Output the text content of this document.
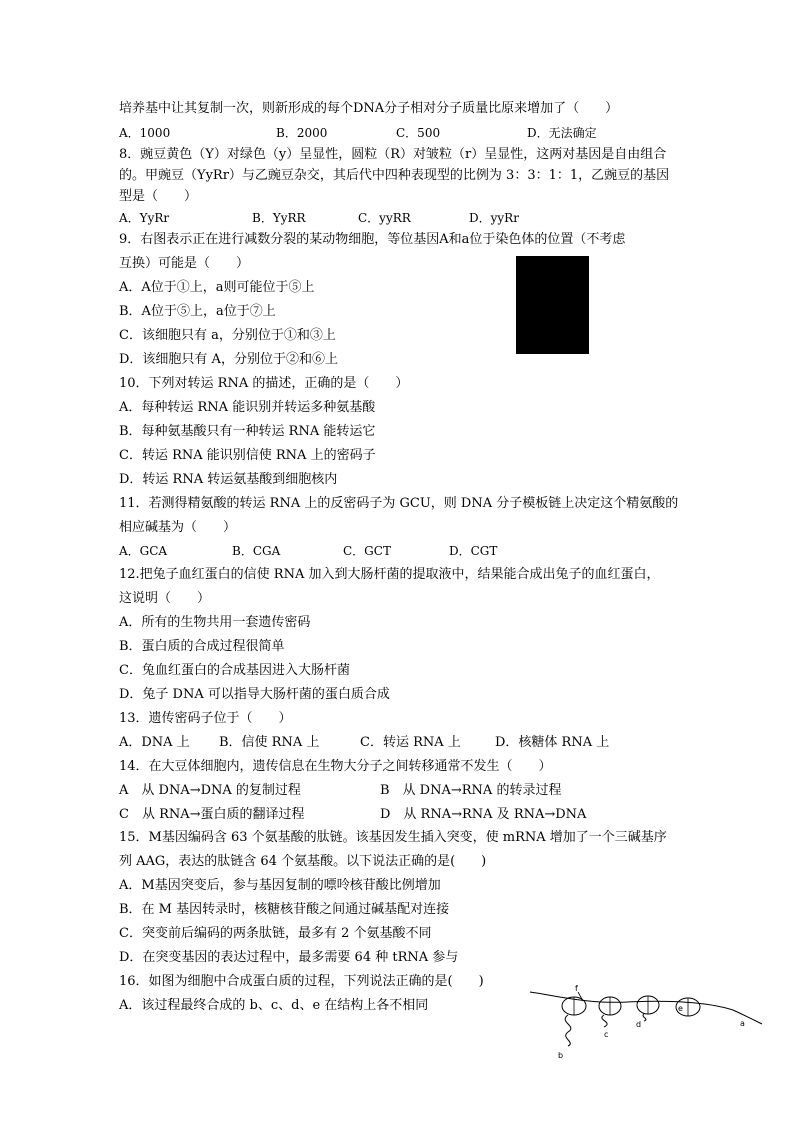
培养基中让其复制一次，则新形成的每个DNA分子相对分子质量比原来增加了（　　）
A．1000	B．2000	C．500	D．无法确定
8．豌豆黄色（Y）对绿色（y）呈显性，圆粒（R）对皱粒（r）呈显性，这两对基因是自由组合
的。甲豌豆（YyRr）与乙豌豆杂交，其后代中四种表现型的比例为 3：3：1：1，乙豌豆的基因
型是（　　）
A．YyRr	B．YyRR	C．yyRR	D．yyRr
9．右图表示正在进行减数分裂的某动物细胞，等位基因A和a位于染色体的位置（不考虑
互换）可能是（　　）
A．A位于①上，a则可能位于⑤上
B．A位于⑤上，a位于⑦上
C．该细胞只有 a，分别位于①和③上
D．该细胞只有 A，分别位于②和⑥上
10．下列对转运 RNA 的描述，正确的是（　　）
A．每种转运 RNA 能识别并转运多种氨基酸
B．每种氨基酸只有一种转运 RNA 能转运它
C．转运 RNA 能识别信使 RNA 上的密码子
D．转运 RNA 转运氨基酸到细胞核内
11．若测得精氨酸的转运 RNA 上的反密码子为 GCU，则 DNA 分子模板链上决定这个精氨酸的
相应碱基为（　　）
A．GCA	B．CGA	C．GCT	D．CGT
12.把兔子血红蛋白的信使 RNA 加入到大肠杆菌的提取液中，结果能合成出兔子的血红蛋白，
这说明（　　）
A．所有的生物共用一套遗传密码
B．蛋白质的合成过程很简单
C．兔血红蛋白的合成基因进入大肠杆菌
D．兔子 DNA 可以指导大肠杆菌的蛋白质合成
13．遗传密码子位于（　　）
A．DNA 上 B．信使 RNA 上	C．转运 RNA 上	D．核糖体 RNA 上
14．在大豆体细胞内，遗传信息在生物大分子之间转移通常不发生（　　）
A　从 DNA→DNA 的复制过程	B　从 DNA→RNA 的转录过程
C　从 RNA→蛋白质的翻译过程	D　从 RNA→RNA 及 RNA→DNA
15．M基因编码含 63 个氨基酸的肽链。该基因发生插入突变，使 mRNA 增加了一个三碱基序
列 AAG，表达的肽链含 64 个氨基酸。以下说法正确的是(　　)
A．M基因突变后，参与基因复制的嘌呤核苷酸比例增加
B．在 M 基因转录时，核糖核苷酸之间通过碱基配对连接
C．突变前后编码的两条肽链，最多有 2 个氨基酸不同
D．在突变基因的表达过程中，最多需要 64 种 tRNA 参与
16．如图为细胞中合成蛋白质的过程，下列说法正确的是(　　)
A．该过程最终合成的 b、c、d、e 在结构上各不相同
f
e
d
c
b
a
